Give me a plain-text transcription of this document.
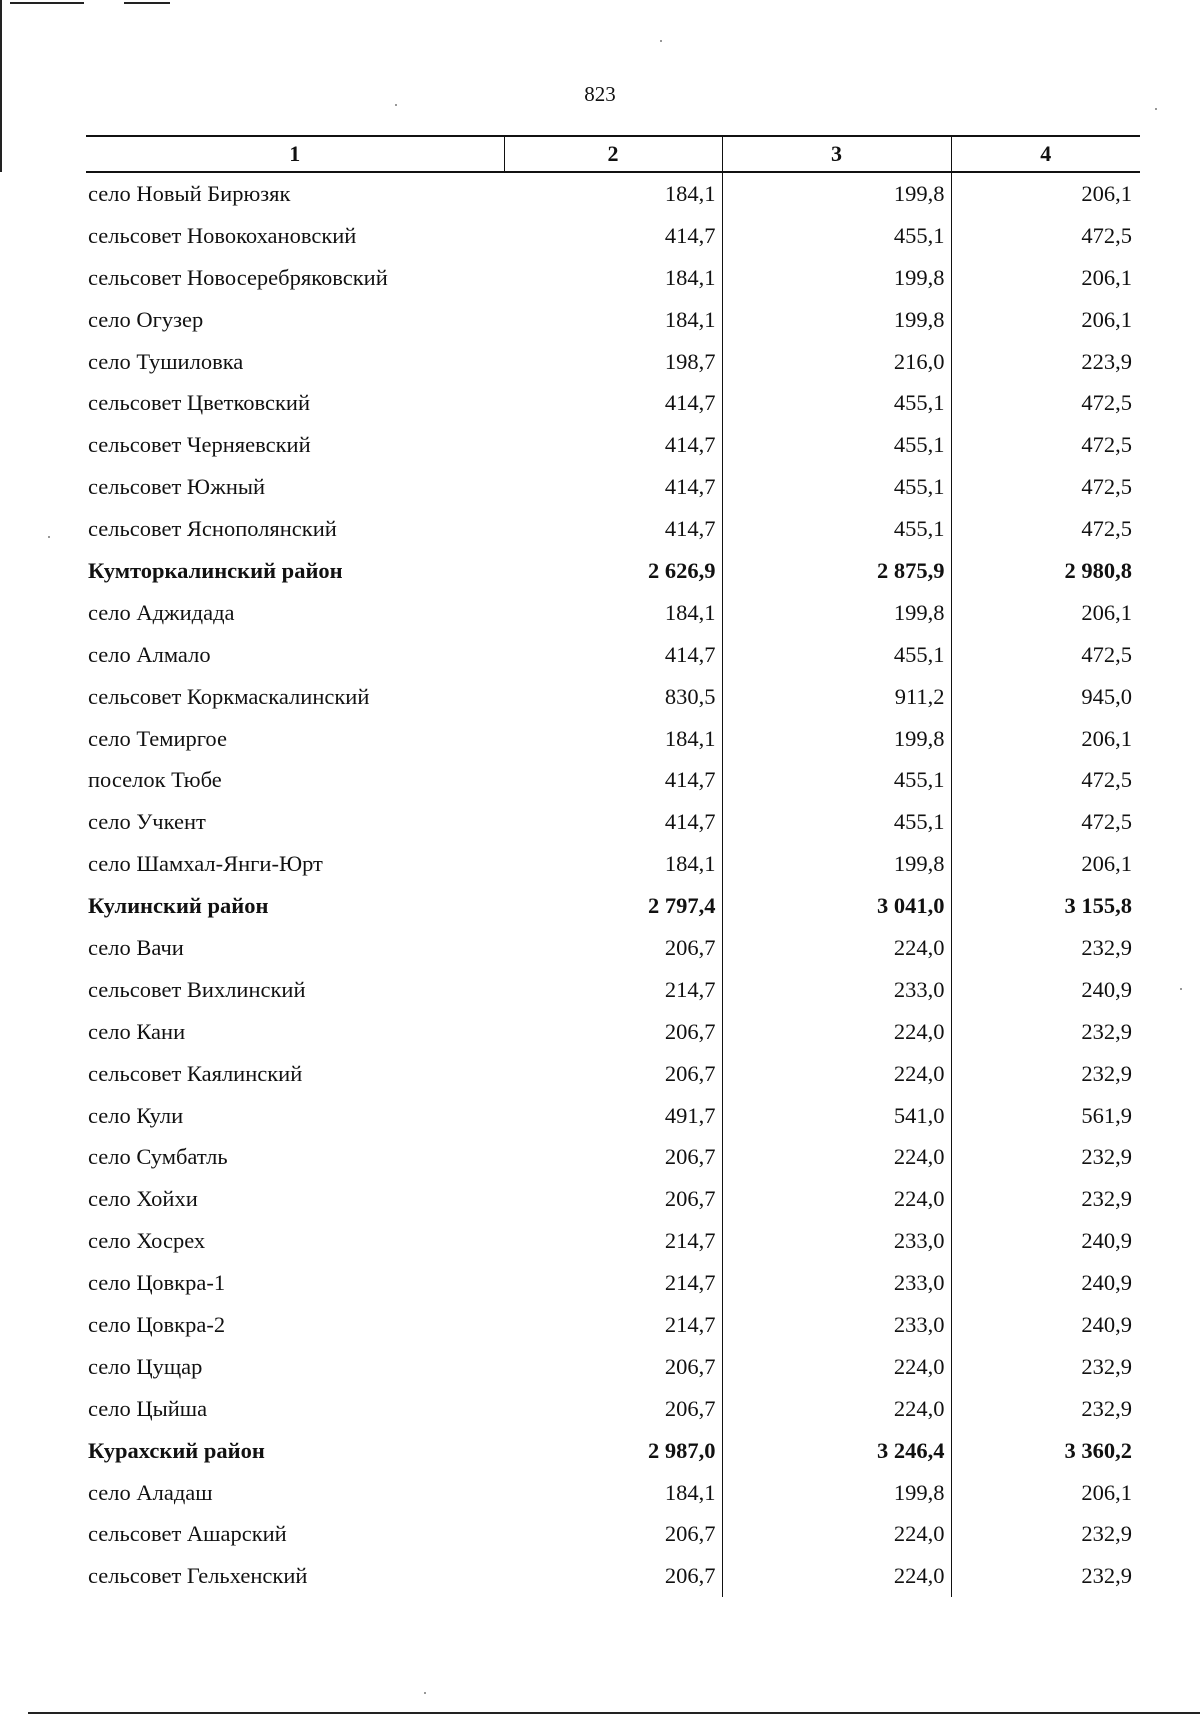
823
1	2	3	4
село Новый Бирюзяк	184,1	199,8	206,1
сельсовет Новокохановский	414,7	455,1	472,5
сельсовет Новосеребряковский	184,1	199,8	206,1
село Огузер	184,1	199,8	206,1
село Тушиловка	198,7	216,0	223,9
сельсовет Цветковский	414,7	455,1	472,5
сельсовет Черняевский	414,7	455,1	472,5
сельсовет Южный	414,7	455,1	472,5
сельсовет Яснополянский	414,7	455,1	472,5
Кумторкалинский район	2 626,9	2 875,9	2 980,8
село Аджидада	184,1	199,8	206,1
село Алмало	414,7	455,1	472,5
сельсовет Коркмаскалинский	830,5	911,2	945,0
село Темиргое	184,1	199,8	206,1
поселок Тюбе	414,7	455,1	472,5
село Учкент	414,7	455,1	472,5
село Шамхал-Янги-Юрт	184,1	199,8	206,1
Кулинский район	2 797,4	3 041,0	3 155,8
село Вачи	206,7	224,0	232,9
сельсовет Вихлинский	214,7	233,0	240,9
село Кани	206,7	224,0	232,9
сельсовет Каялинский	206,7	224,0	232,9
село Кули	491,7	541,0	561,9
село Сумбатль	206,7	224,0	232,9
село Хойхи	206,7	224,0	232,9
село Хосрех	214,7	233,0	240,9
село Цовкра-1	214,7	233,0	240,9
село Цовкра-2	214,7	233,0	240,9
село Цущар	206,7	224,0	232,9
село Цыйша	206,7	224,0	232,9
Курахский район	2 987,0	3 246,4	3 360,2
село Аладаш	184,1	199,8	206,1
сельсовет Ашарский	206,7	224,0	232,9
сельсовет Гельхенский	206,7	224,0	232,9
